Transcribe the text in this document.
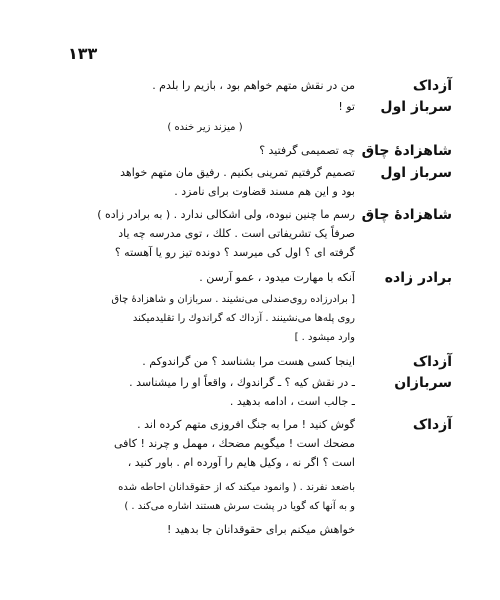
۱۳۳
آزداک
من در نقش متهم خواهم بود ، بازیم را بلدم .
سرباز اول
تو !
( میزند زیر خنده )
شاهزادۀ چاق
چه تصمیمی گرفتید ؟
سرباز اول
تصمیم گرفتیم تمرینی بکنیم . رفیق مان متهم خواهد
بود و این هم مسند قضاوت برای نامزد .
شاهزادۀ چاق
رسم ما چنین نبوده، ولی اشکالی ندارد . ( به برادر زاده )
صرفاً یک تشریفاتی است . کلك ، توی مدرسه چه یاد
گرفته ای ؟ اول کی میرسد ؟ دونده تیز رو یا آهسته ؟
برادر زاده
آنکه با مهارت میدود ، عمو آرسن .
[ برادرزاده روی‌صندلی می‌نشیند . سربازان و شاهزادۀ چاق
روی پله‌ها می‌نشینند . آزداك كه گراندوك را تقلیدمیکند
وارد میشود . ]
آزداک
اینجا کسی هست مرا بشناسد ؟ من گراندوکم .
سربازان
ـ در نقش کیه ؟ ـ گراندوك ، واقعاً او را میشناسد .
ـ جالب است ، ادامه بدهید .
آزداک
گوش کنید ! مرا به جنگ افروزی متهم کرده اند .
مضحك است ! میگویم مضحك ، مهمل و چرند ! کافی
است ؟ اگر نه ، وکیل هایم را آورده ام . باور کنید ،
باضعد نفرند . ( وانمود میکند که از حقوقدانان احاطه شده
و به آنها که گویا در پشت سرش هستند اشاره می‌کند . )
خواهش میکنم برای حقوقدانان جا بدهید !
